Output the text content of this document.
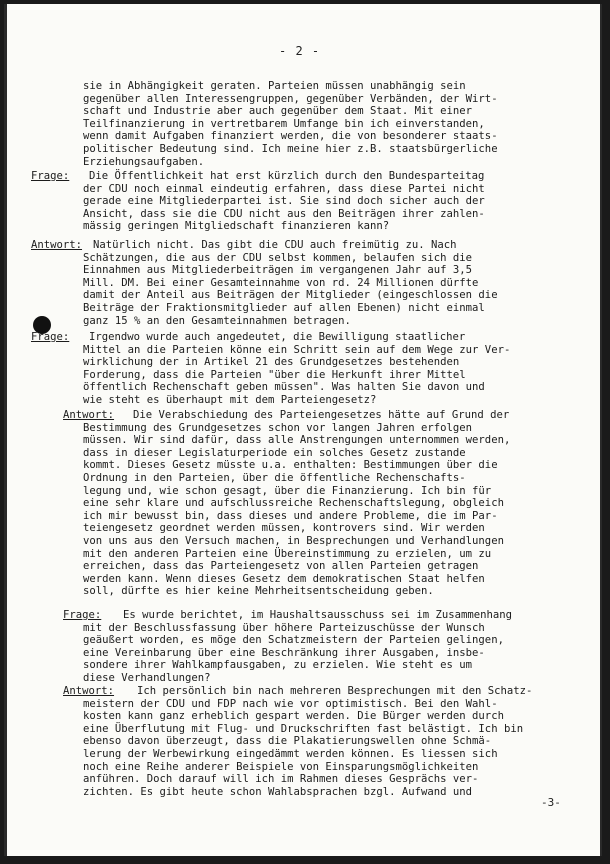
- 2 -
sie in Abhängigkeit geraten. Parteien müssen unabhängig sein
gegenüber allen Interessengruppen, gegenüber Verbänden, der Wirt-
schaft und Industrie aber auch gegenüber dem Staat. Mit einer
Teilfinanzierung in vertretbarem Umfange bin ich einverstanden,
wenn damit Aufgaben finanziert werden, die von besonderer staats-
politischer Bedeutung sind. Ich meine hier z.B. staatsbürgerliche
Erziehungsaufgaben.
Frage: Die Öffentlichkeit hat erst kürzlich durch den Bundesparteitag
der CDU noch einmal eindeutig erfahren, dass diese Partei nicht
gerade eine Mitgliederpartei ist. Sie sind doch sicher auch der
Ansicht, dass sie die CDU nicht aus den Beiträgen ihrer zahlen-
mässig geringen Mitgliedschaft finanzieren kann?
Antwort: Natürlich nicht. Das gibt die CDU auch freimütig zu. Nach
Schätzungen, die aus der CDU selbst kommen, belaufen sich die
Einnahmen aus Mitgliederbeiträgen im vergangenen Jahr auf 3,5
Mill. DM. Bei einer Gesamteinnahme von rd. 24 Millionen dürfte
damit der Anteil aus Beiträgen der Mitglieder (eingeschlossen die
Beiträge der Fraktionsmitglieder auf allen Ebenen) nicht einmal
ganz 15 % an den Gesamteinnahmen betragen.
Frage: Irgendwo wurde auch angedeutet, die Bewilligung staatlicher
Mittel an die Parteien könne ein Schritt sein auf dem Wege zur Ver-
wirklichung der in Artikel 21 des Grundgesetzes bestehenden
Forderung, dass die Parteien "über die Herkunft ihrer Mittel
öffentlich Rechenschaft geben müssen". Was halten Sie davon und
wie steht es überhaupt mit dem Parteiengesetz?
Antwort: Die Verabschiedung des Parteiengesetzes hätte auf Grund der
Bestimmung des Grundgesetzes schon vor langen Jahren erfolgen
müssen. Wir sind dafür, dass alle Anstrengungen unternommen werden,
dass in dieser Legislaturperiode ein solches Gesetz zustande
kommt. Dieses Gesetz müsste u.a. enthalten: Bestimmungen über die
Ordnung in den Parteien, über die öffentliche Rechenschafts-
legung und, wie schon gesagt, über die Finanzierung. Ich bin für
eine sehr klare und aufschlussreiche Rechenschaftslegung, obgleich
ich mir bewusst bin, dass dieses und andere Probleme, die im Par-
teiengesetz geordnet werden müssen, kontrovers sind. Wir werden
von uns aus den Versuch machen, in Besprechungen und Verhandlungen
mit den anderen Parteien eine Übereinstimmung zu erzielen, um zu
erreichen, dass das Parteiengesetz von allen Parteien getragen
werden kann. Wenn dieses Gesetz dem demokratischen Staat helfen
soll, dürfte es hier keine Mehrheitsentscheidung geben.
Frage: Es wurde berichtet, im Haushaltsausschuss sei im Zusammenhang
mit der Beschlussfassung über höhere Parteizuschüsse der Wunsch
geäußert worden, es möge den Schatzmeistern der Parteien gelingen,
eine Vereinbarung über eine Beschränkung ihrer Ausgaben, insbe-
sondere ihrer Wahlkampfausgaben, zu erzielen. Wie steht es um
diese Verhandlungen?
Antwort: Ich persönlich bin nach mehreren Besprechungen mit den Schatz-
meistern der CDU und FDP nach wie vor optimistisch. Bei den Wahl-
kosten kann ganz erheblich gespart werden. Die Bürger werden durch
eine Überflutung mit Flug- und Druckschriften fast belästigt. Ich bin
ebenso davon überzeugt, dass die Plakatierungswellen ohne Schmä-
lerung der Werbewirkung eingedämmt werden können. Es liessen sich
noch eine Reihe anderer Beispiele von Einsparungsmöglichkeiten
anführen. Doch darauf will ich im Rahmen dieses Gesprächs ver-
zichten. Es gibt heute schon Wahlabsprachen bzgl. Aufwand und
-3-
